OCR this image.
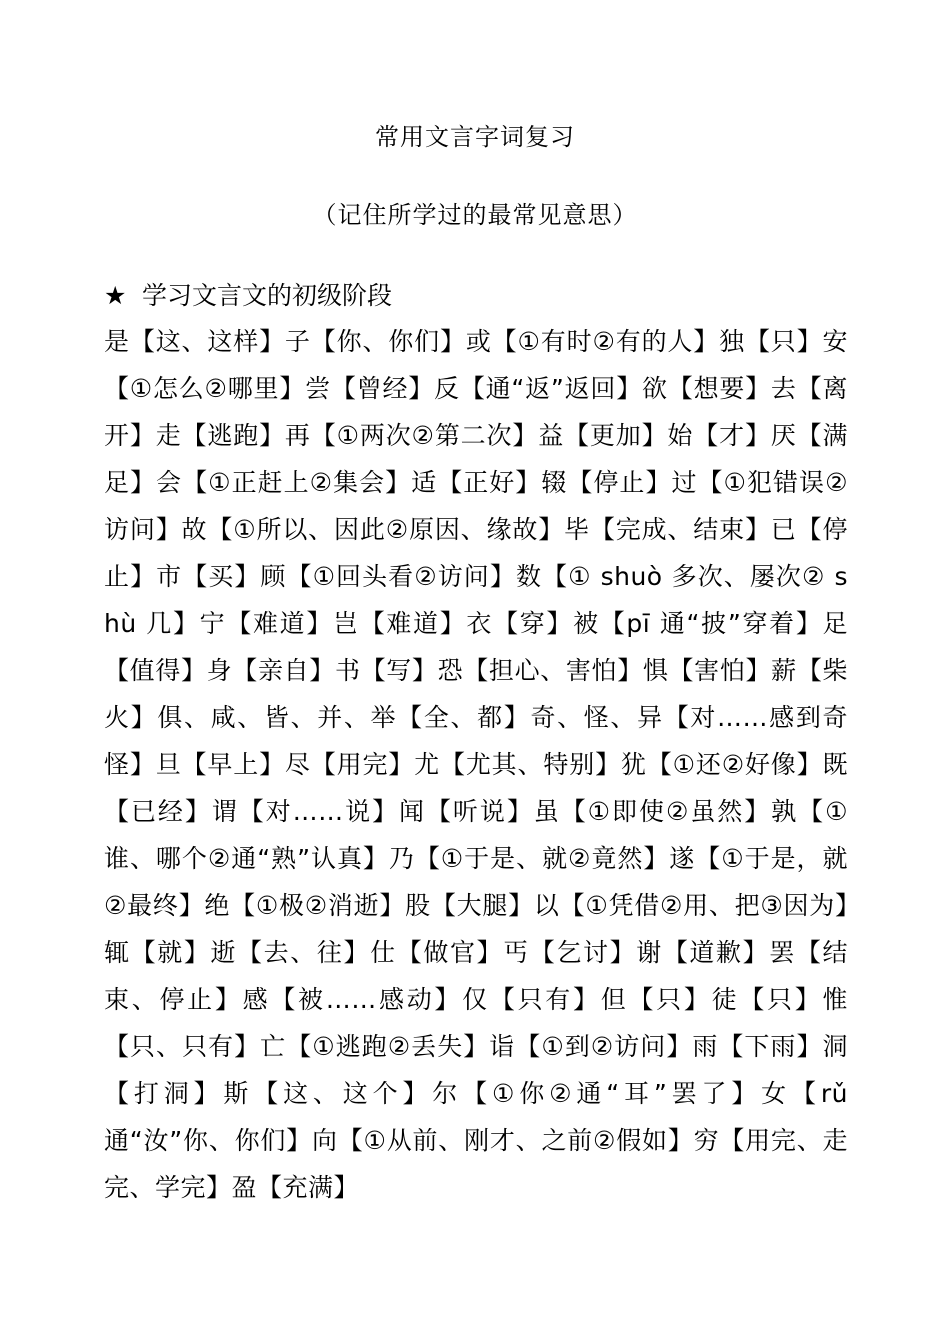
常用文言字词复习
（记住所学过的最常见意思）
★ 学习文言文的初级阶段
是【这、这样】子【你、你们】或【①有时②有的人】独【只】安【①怎么②哪里】尝【曾经】反【通“返”返回】欲【想要】去【离开】走【逃跑】再【①两次②第二次】益【更加】始【才】厌【满足】会【①正赶上②集会】适【正好】辍【停止】过【①犯错误②访问】故【①所以、因此②原因、缘故】毕【完成、结束】已【停止】市【买】顾【①回头看②访问】数【① shuò 多次、屡次② shù 几】宁【难道】岂【难道】衣【穿】被【pī 通“披”穿着】足【值得】身【亲自】书【写】恐【担心、害怕】惧【害怕】薪【柴火】俱、咸、皆、并、举【全、都】奇、怪、异【对……感到奇怪】旦【早上】尽【用完】尤【尤其、特别】犹【①还②好像】既【已经】谓【对……说】闻【听说】虽【①即使②虽然】孰【①谁、哪个②通“熟”认真】乃【①于是、就②竟然】遂【①于是，就②最终】绝【①极②消逝】股【大腿】以【①凭借②用、把③因为】辄【就】逝【去、往】仕【做官】丐【乞讨】谢【道歉】罢【结束、停止】感【被……感动】仅【只有】但【只】徒【只】惟【只、只有】亡【①逃跑②丢失】诣【①到②访问】雨【下雨】洞【打洞】斯【这、这个】尔【①你②通“耳”罢了】女【rǔ 通“汝”你、你们】向【①从前、刚才、之前②假如】穷【用完、走完、学完】盈【充满】
